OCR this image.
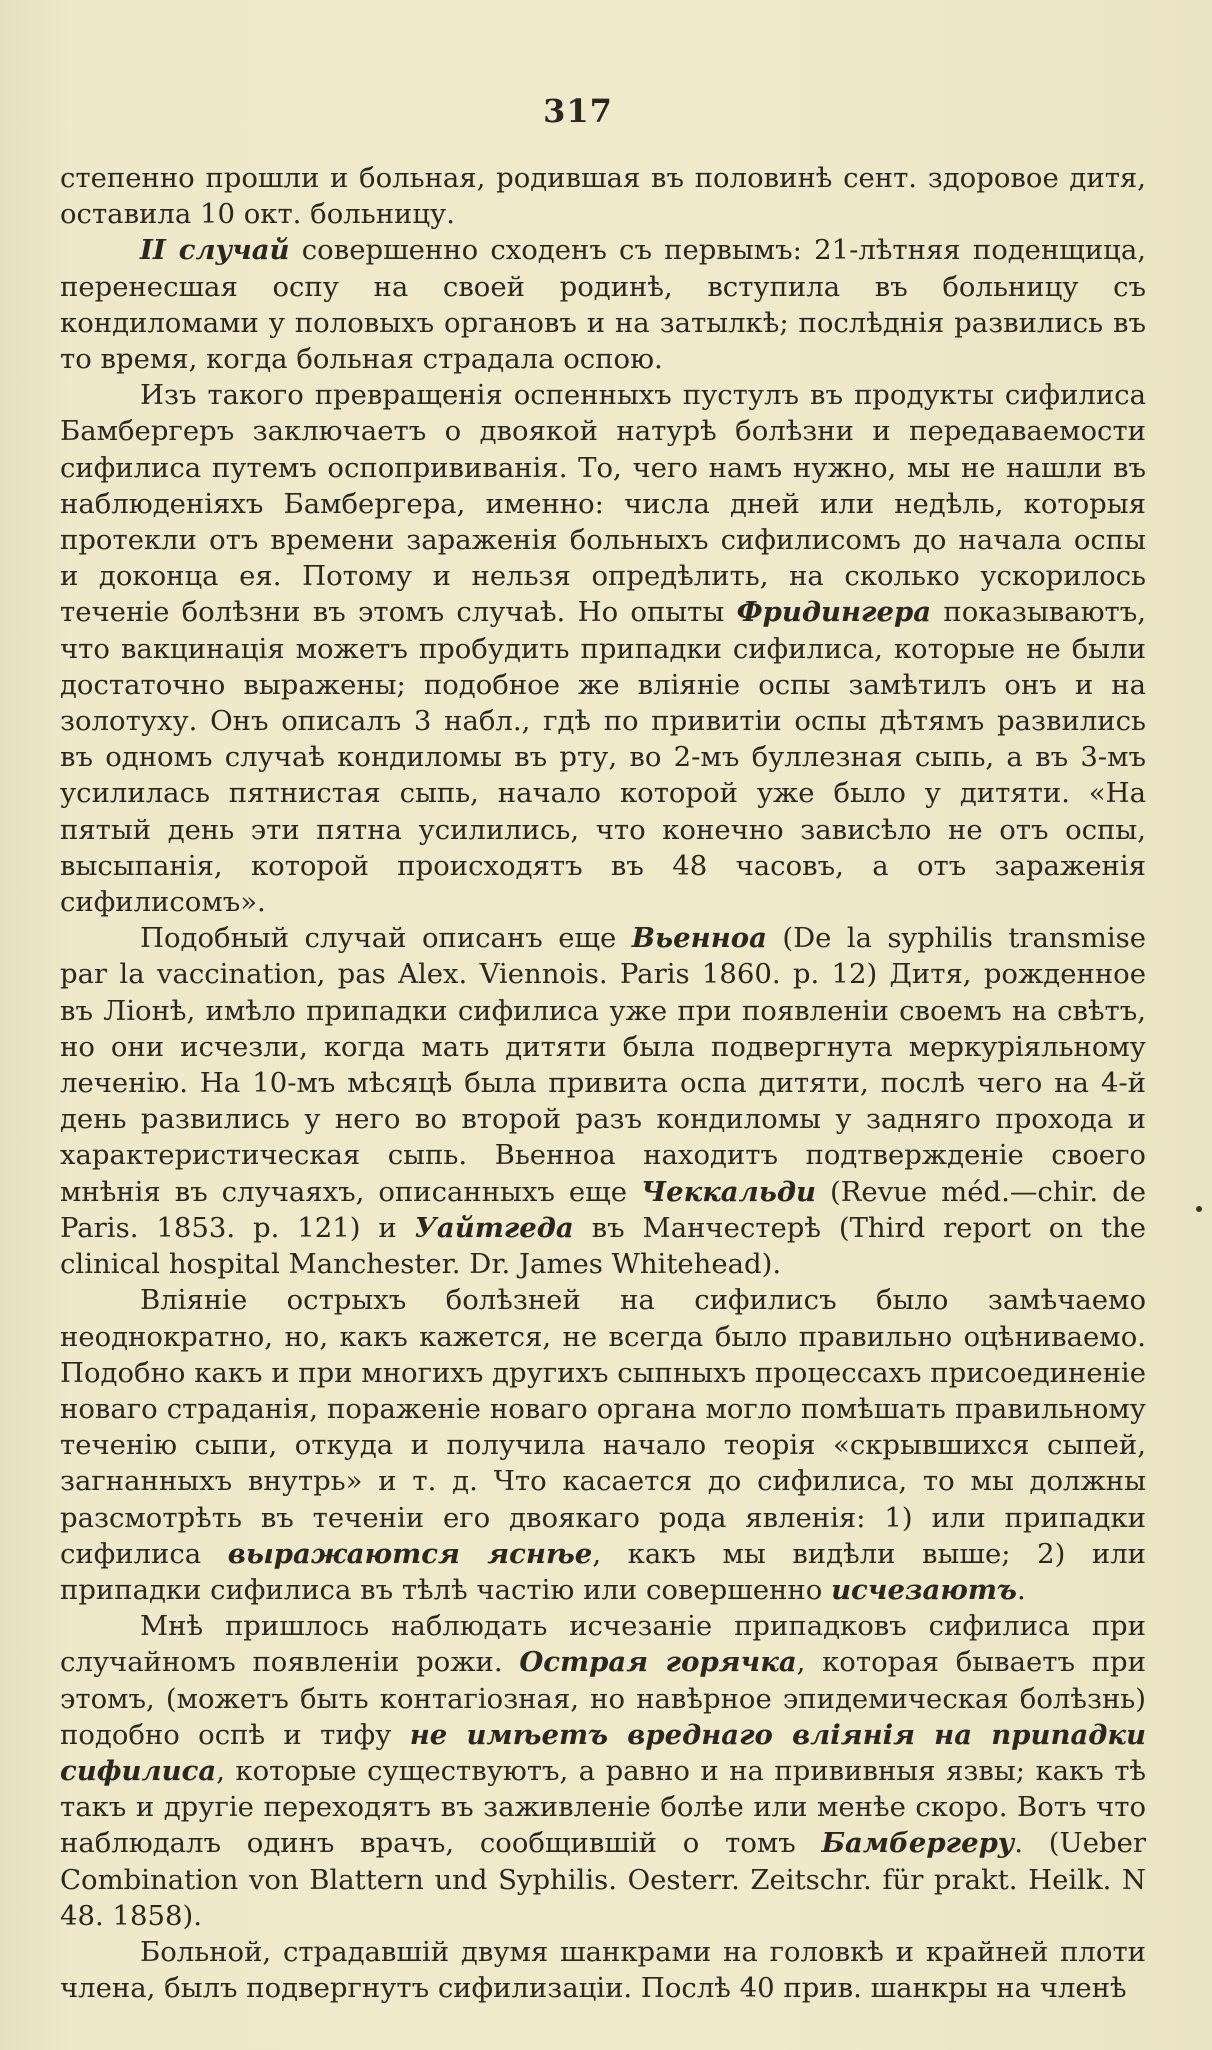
317

степенно прошли и больная, родившая въ половинѣ сент. здоровое дитя, оставила 10 окт. больницу.

II случай совершенно сходенъ съ первымъ: 21-лѣтняя поденщица, перенесшая оспу на своей родинѣ, вступила въ больницу съ кондиломами у половыхъ органовъ и на затылкѣ; послѣднія развились въ то время, когда больная страдала оспою.

Изъ такого превращенія оспенныхъ пустулъ въ продукты сифилиса Бамбергеръ заключаетъ о двоякой натурѣ болѣзни и передаваемости сифилиса путемъ оспопрививанія. То, чего намъ нужно, мы не нашли въ наблюденіяхъ Бамбергера, именно: числа дней или недѣль, которыя протекли отъ времени зараженія больныхъ сифилисомъ до начала оспы и доконца ея. Потому и нельзя опредѣлить, на сколько ускорилось теченіе болѣзни въ этомъ случаѣ. Но опыты Фридингера показываютъ, что вакцинація можетъ пробудить припадки сифилиса, которые не были достаточно выражены; подобное же вліяніе оспы замѣтилъ онъ и на золотуху. Онъ описалъ 3 набл., гдѣ по привитіи оспы дѣтямъ развились въ одномъ случаѣ кондиломы въ рту, во 2-мъ буллезная сыпь, а въ 3-мъ усилилась пятнистая сыпь, начало которой уже было у дитяти. «На пятый день эти пятна усилились, что конечно зависѣло не отъ оспы, высыпанія, которой происходятъ въ 48 часовъ, а отъ зараженія сифилисомъ».

Подобный случай описанъ еще Вьенноа (De la syphilis transmise par la vaccination, pas Alex. Viennois. Paris 1860. p. 12) Дитя, рожденное въ Ліонѣ, имѣло припадки сифилиса уже при появленіи своемъ на свѣтъ, но они исчезли, когда мать дитяти была подвергнута меркуріяльному леченію. На 10-мъ мѣсяцѣ была привита оспа дитяти, послѣ чего на 4-й день развились у него во второй разъ кондиломы у задняго прохода и характеристическая сыпь. Вьенноа находитъ подтвержденіе своего мнѣнія въ случаяхъ, описанныхъ еще Чеккальди (Revue méd.—chir. de Paris. 1853. p. 121) и Уайтгеда въ Манчестерѣ (Third report on the clinical hospital Manchester. Dr. James Whitehead).

Вліяніе острыхъ болѣзней на сифилисъ было замѣчаемо неоднократно, но, какъ кажется, не всегда было правильно оцѣниваемо. Подобно какъ и при многихъ другихъ сыпныхъ процессахъ присоединеніе новаго страданія, пораженіе новаго органа могло помѣшать правильному теченію сыпи, откуда и получила начало теорія «скрывшихся сыпей, загнанныхъ внутрь» и т. д. Что касается до сифилиса, то мы должны разсмотрѣть въ теченіи его двоякаго рода явленія: 1) или припадки сифилиса выражаются яснѣе, какъ мы видѣли выше; 2) или припадки сифилиса въ тѣлѣ частію или совершенно исчезаютъ.

Мнѣ пришлось наблюдать исчезаніе припадковъ сифилиса при случайномъ появленіи рожи. Острая горячка, которая бываетъ при этомъ, (можетъ быть контагіозная, но навѣрное эпидемическая болѣзнь) подобно оспѣ и тифу не имѣетъ вреднаго вліянія на припадки сифилиса, которые существуютъ, а равно и на прививныя язвы; какъ тѣ такъ и другіе переходятъ въ заживленіе болѣе или менѣе скоро. Вотъ что наблюдалъ одинъ врачъ, сообщившій о томъ Бамбергеру. (Ueber Combination von Blattern und Syphilis. Oesterr. Zeitschr. für prakt. Heilk. N 48. 1858).

Больной, страдавшій двумя шанкрами на головкѣ и крайней плоти члена, былъ подвергнутъ сифилизаціи. Послѣ 40 прив. шанкры на членѣ
